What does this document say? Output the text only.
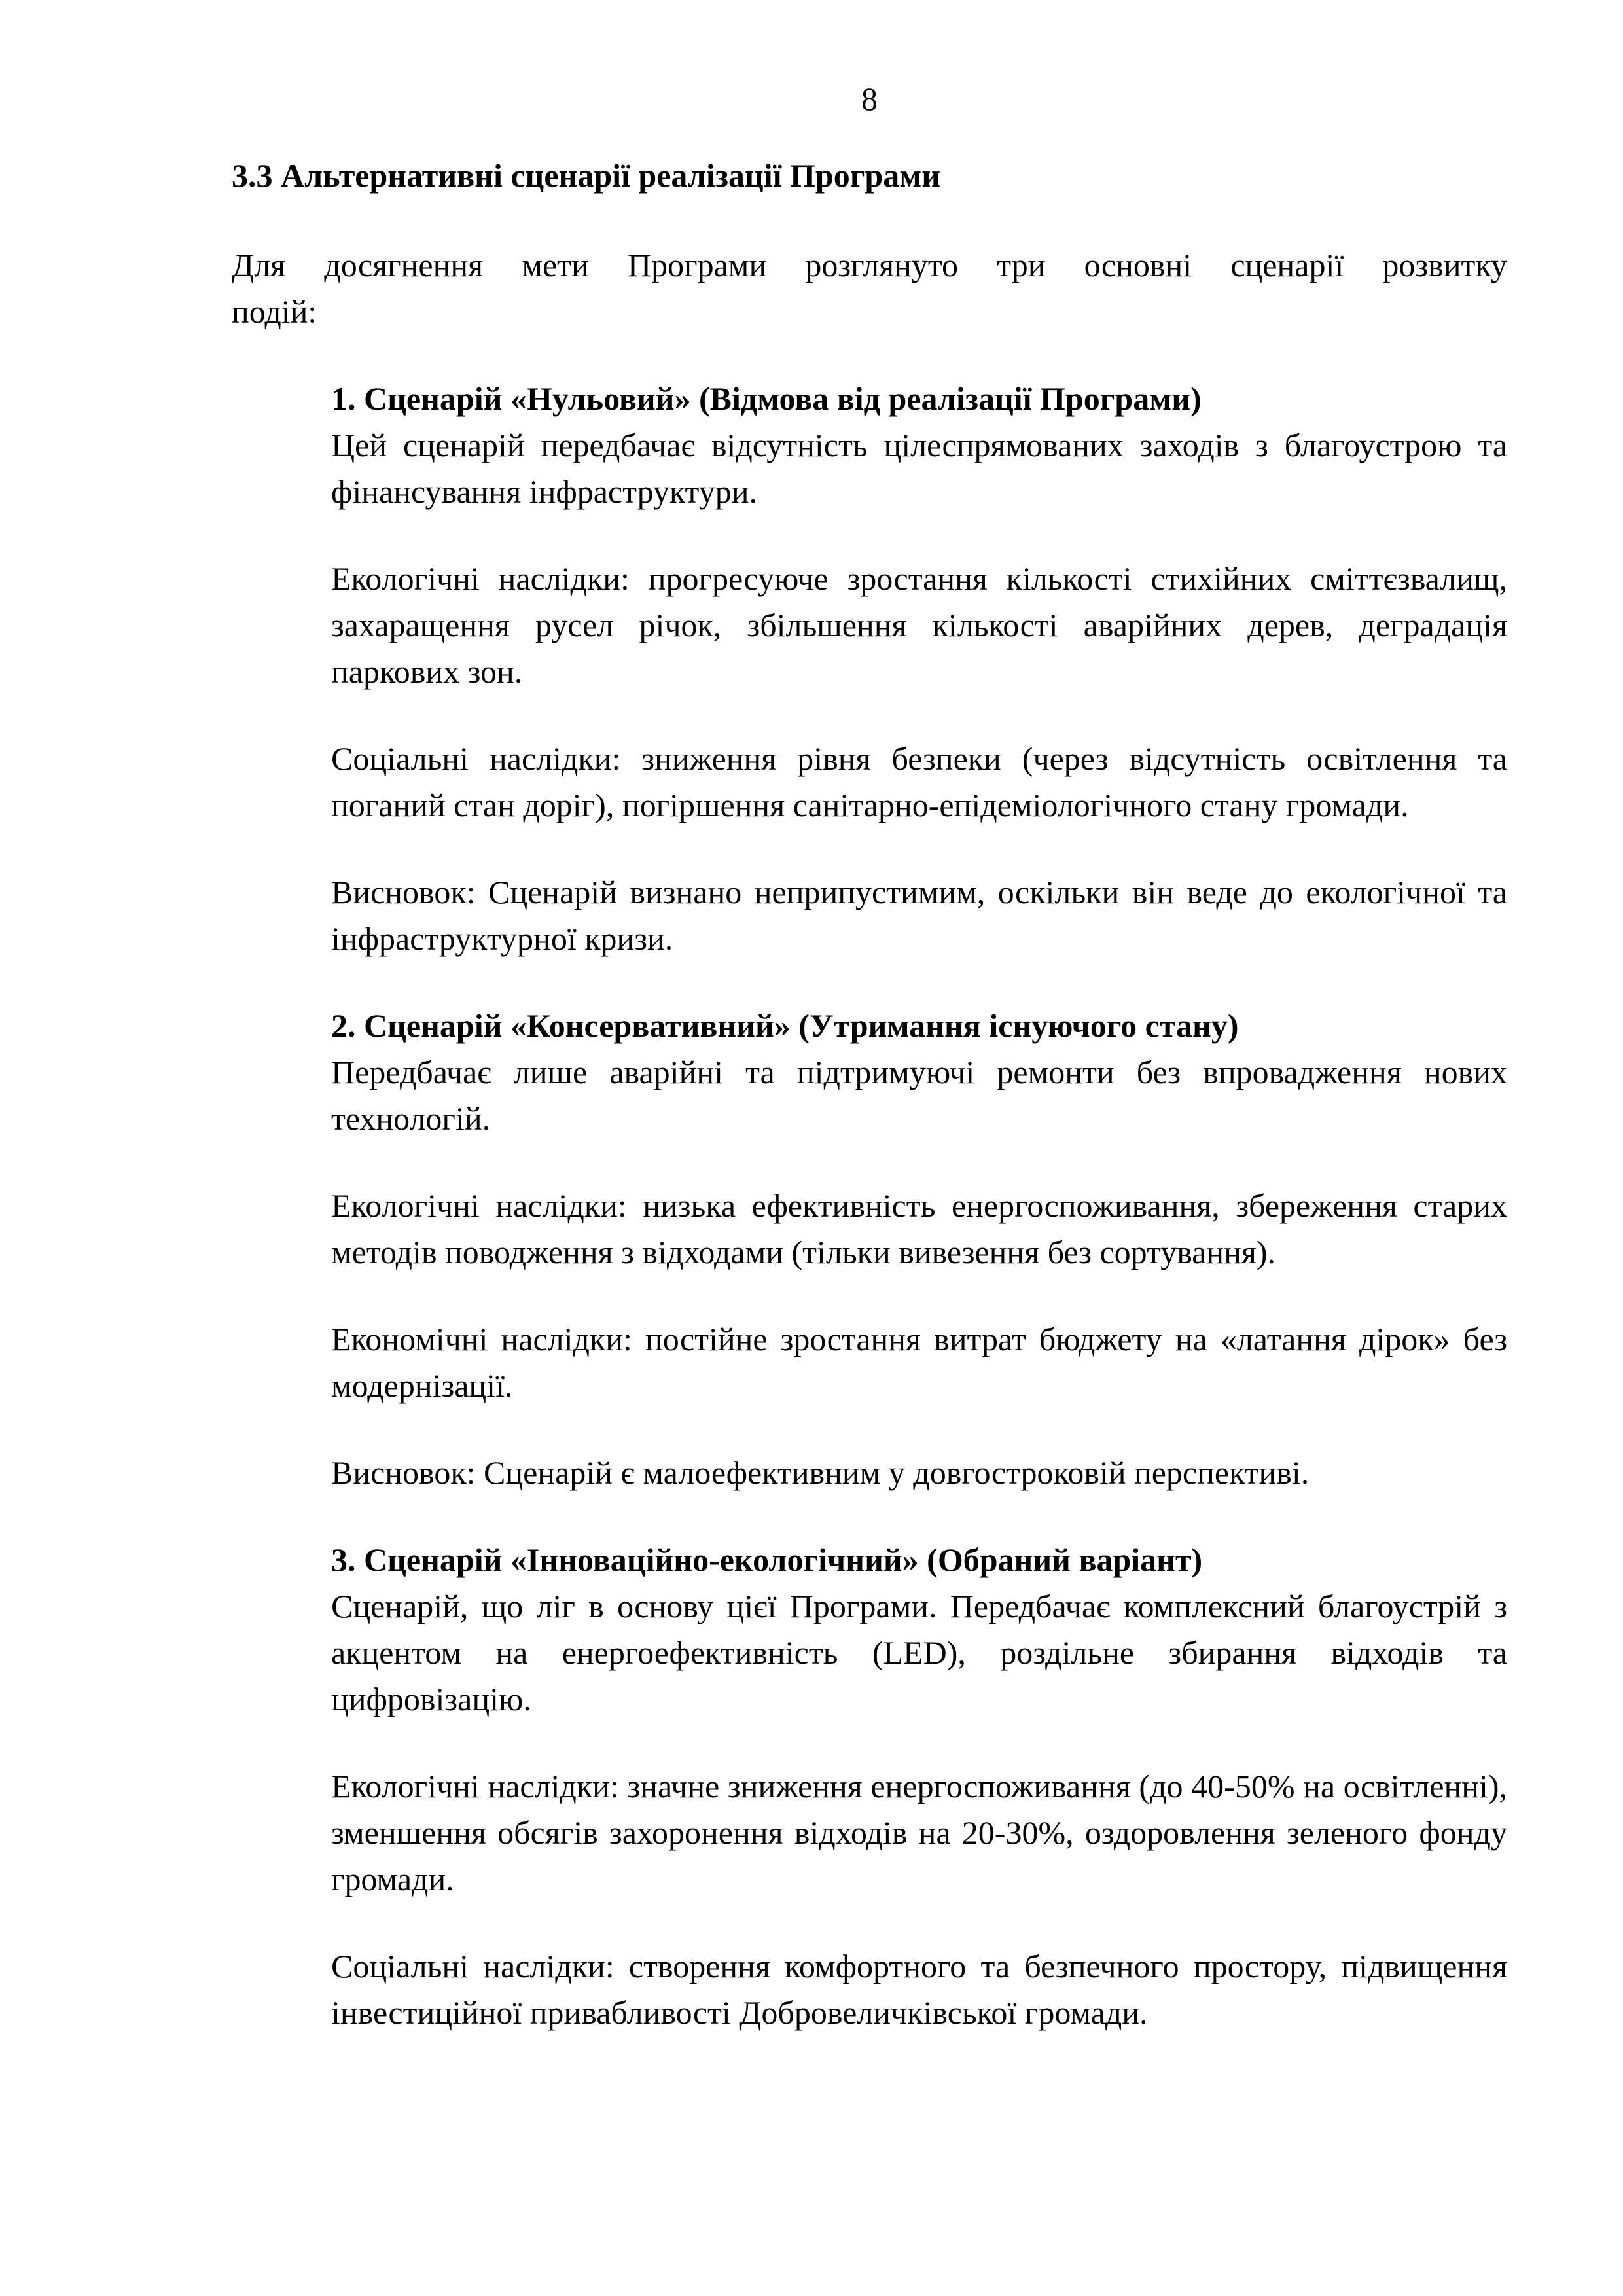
8
3.3 Альтернативні сценарії реалізації Програми

Для досягнення мети Програми розглянуто три основні сценарії розвитку
подій:

1. Сценарій «Нульовий» (Відмова від реалізації Програми)

Цей сценарій передбачає відсутність цілеспрямованих заходів з благоустрою та фінансування інфраструктури.

Екологічні наслідки: прогресуюче зростання кількості стихійних сміттєзвалищ, захаращення русел річок, збільшення кількості аварійних дерев, деградація паркових зон.

Соціальні наслідки: зниження рівня безпеки (через відсутність освітлення та поганий стан доріг), погіршення санітарно-епідеміологічного стану громади.

Висновок: Сценарій визнано неприпустимим, оскільки він веде до екологічної та інфраструктурної кризи.

2. Сценарій «Консервативний» (Утримання існуючого стану)

Передбачає лише аварійні та підтримуючі ремонти без впровадження нових технологій.

Екологічні наслідки: низька ефективність енергоспоживання, збереження старих методів поводження з відходами (тільки вивезення без сортування).

Економічні наслідки: постійне зростання витрат бюджету на «латання дірок» без модернізації.

Висновок: Сценарій є малоефективним у довгостроковій перспективі.

3. Сценарій «Інноваційно-екологічний» (Обраний варіант)

Сценарій, що ліг в основу цієї Програми. Передбачає комплексний благоустрій з акцентом на енергоефективність (LED), роздільне збирання відходів та цифровізацію.

Екологічні наслідки: значне зниження енергоспоживання (до 40-50% на освітленні), зменшення обсягів захоронення відходів на 20-30%, оздоровлення зеленого фонду громади.

Соціальні наслідки: створення комфортного та безпечного простору, підвищення інвестиційної привабливості Добровеличківської громади.
